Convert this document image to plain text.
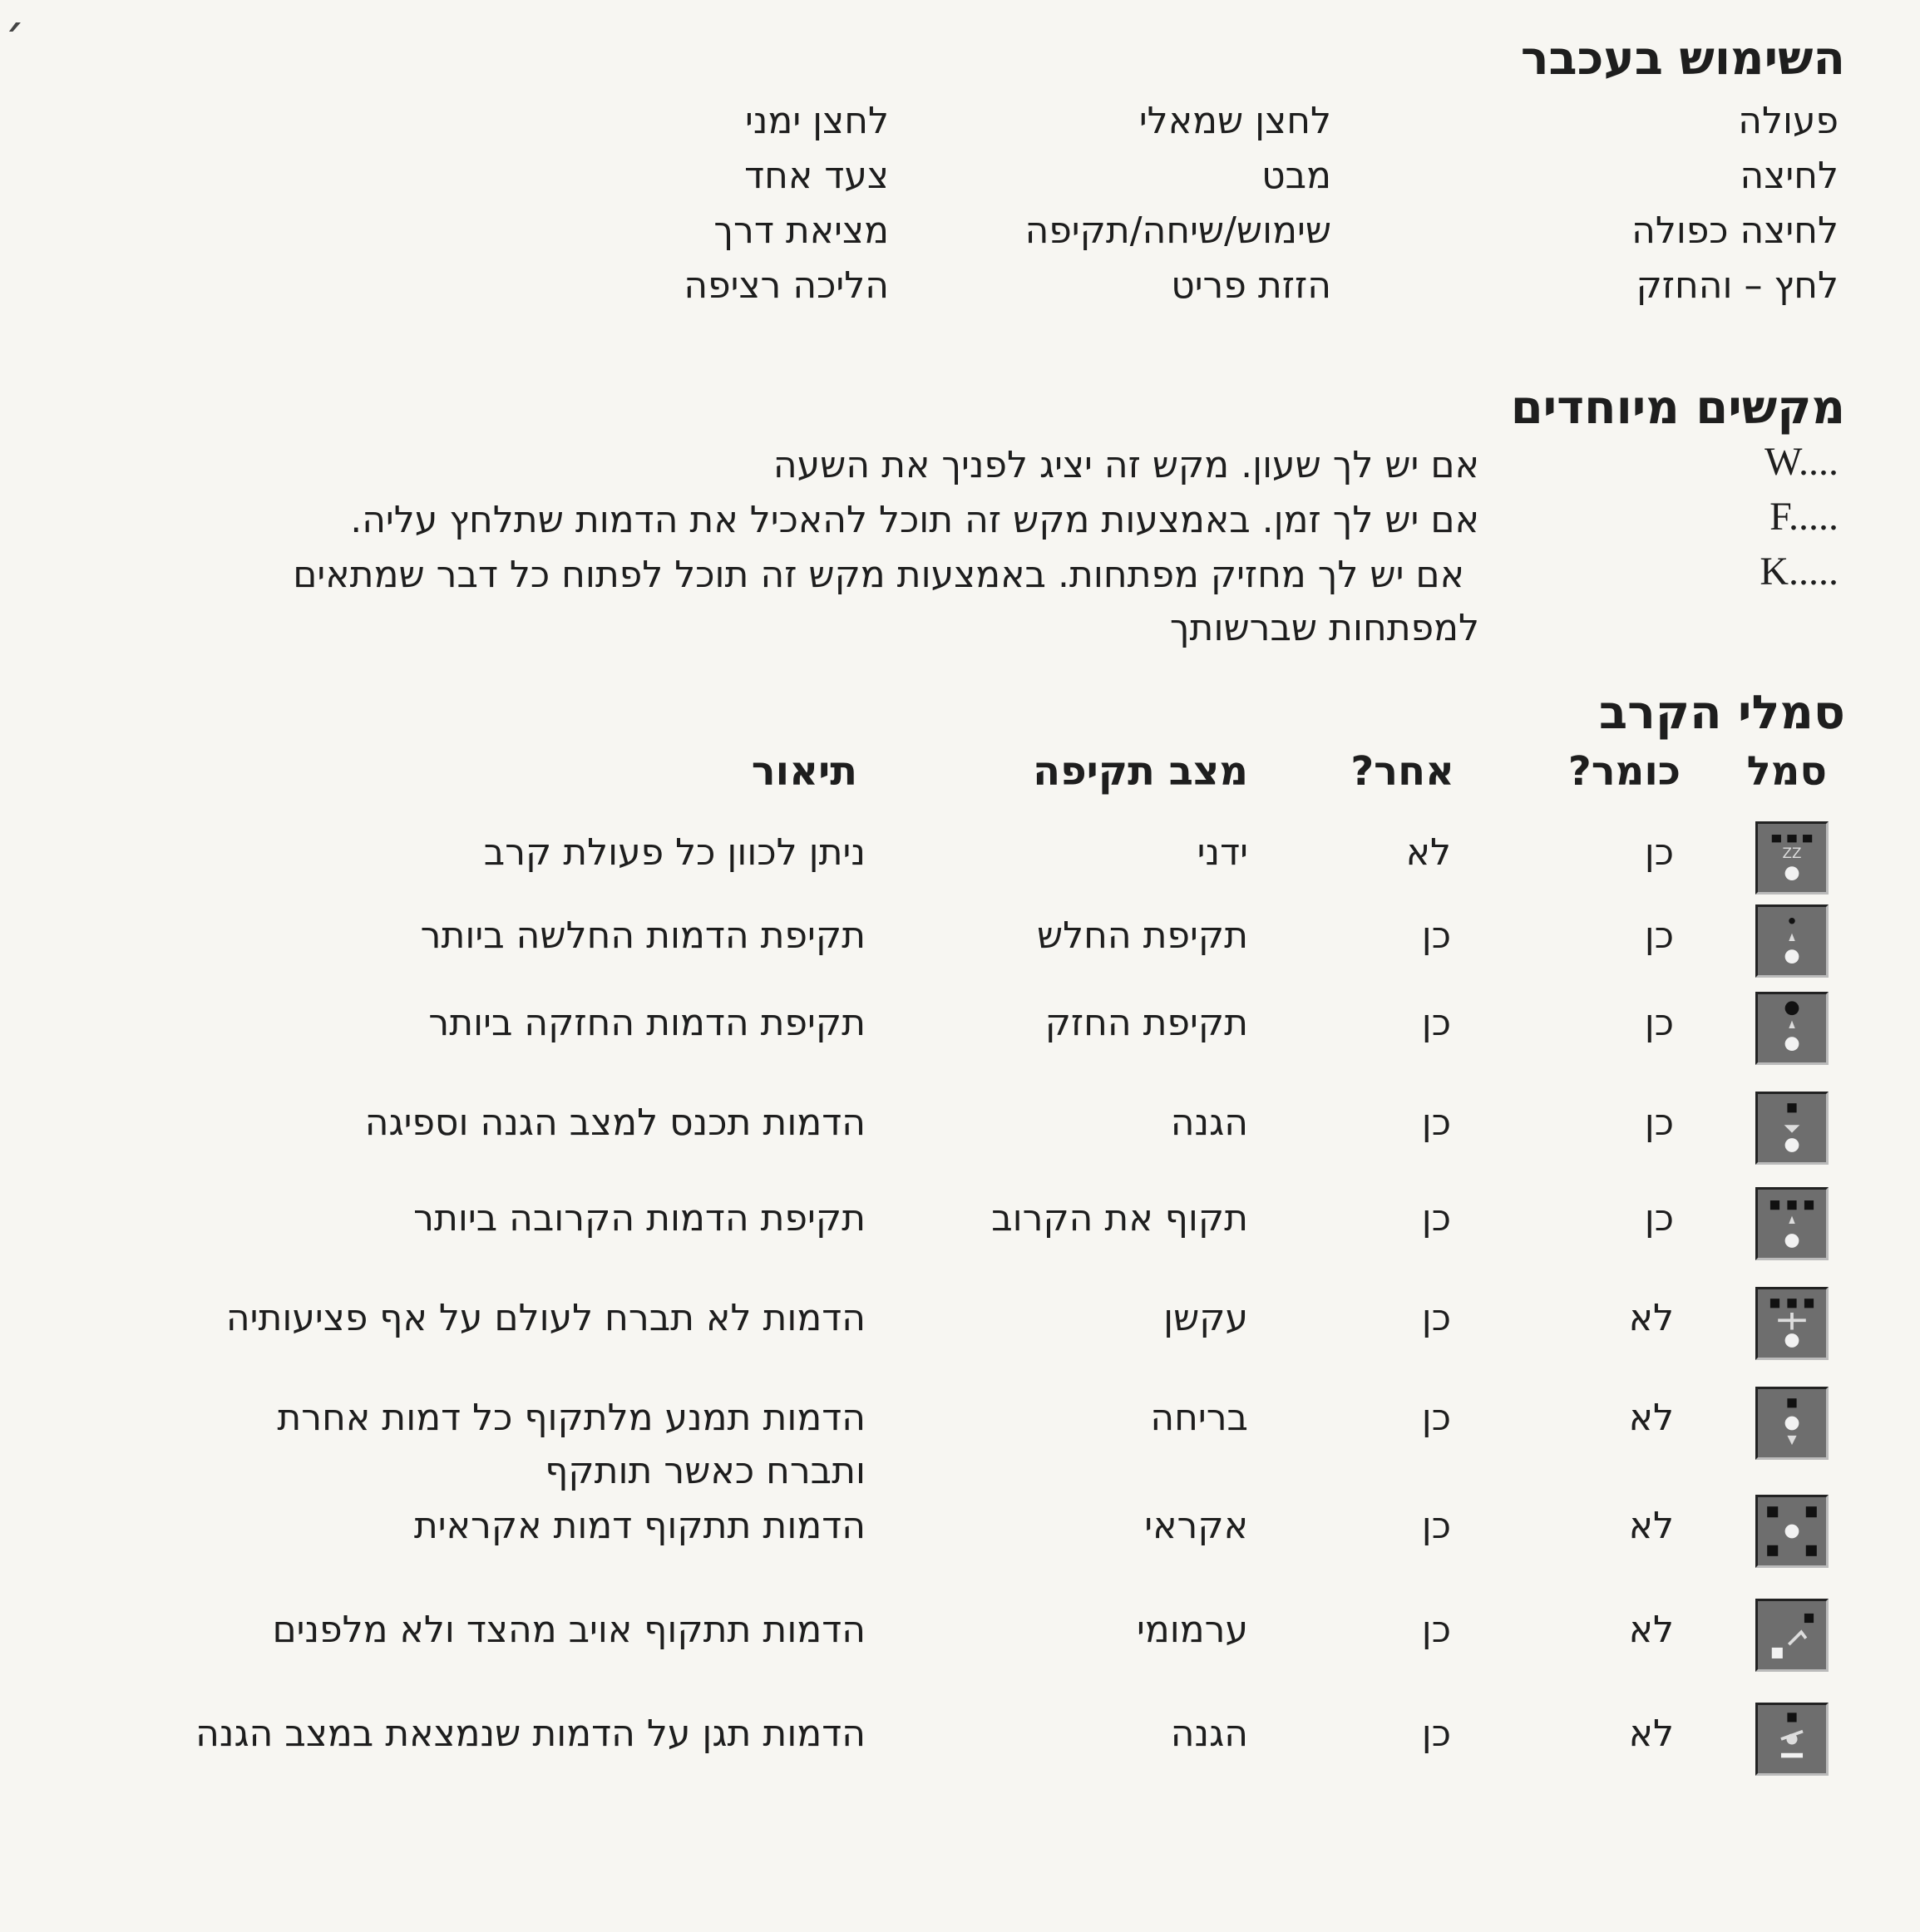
ˊ	השימוש בעכבר
פעולה
לחצן שמאלי
לחצן ימני
לחיצה
מבט
צעד אחד
לחיצה כפולה
שימוש/שיחה/תקיפה
מציאת דרך
לחץ – והחזק
הזזת פריט
הליכה רציפה
מקשים מיוחדים
W....
אם יש לך שעון. מקש זה יציג לפניך את השעה
F.....
אם יש לך זמן. באמצעות מקש זה תוכל להאכיל את הדמות שתלחץ עליה.
K.....
אם יש לך מחזיק מפתחות. באמצעות מקש זה תוכל לפתוח כל דבר שמתאים
למפתחות שברשותך
סמלי הקרב
סמל
כומר?
אחר?
מצב תקיפה
תיאור
ZZ
כן
לא
ידני
ניתן לכוון כל פעולת קרב
כן
כן
תקיפת החלש
תקיפת הדמות החלשה ביותר
כן
כן
תקיפת החזק
תקיפת הדמות החזקה ביותר
כן
כן
הגנה
הדמות תכנס למצב הגנה וספיגה
כן
כן
תקוף את הקרוב
תקיפת הדמות הקרובה ביותר
לא
כן
עקשן
הדמות לא תברח לעולם על אף פציעותיה
לא
כן
בריחה
הדמות תמנע מלתקוף כל דמות אחרת
ותברח כאשר תותקף
לא
כן
אקראי
הדמות תתקוף דמות אקראית
לא
כן
ערמומי
הדמות תתקוף אויב מהצד ולא מלפנים
לא
כן
הגנה
הדמות תגן על הדמות שנמצאת במצב הגנה
